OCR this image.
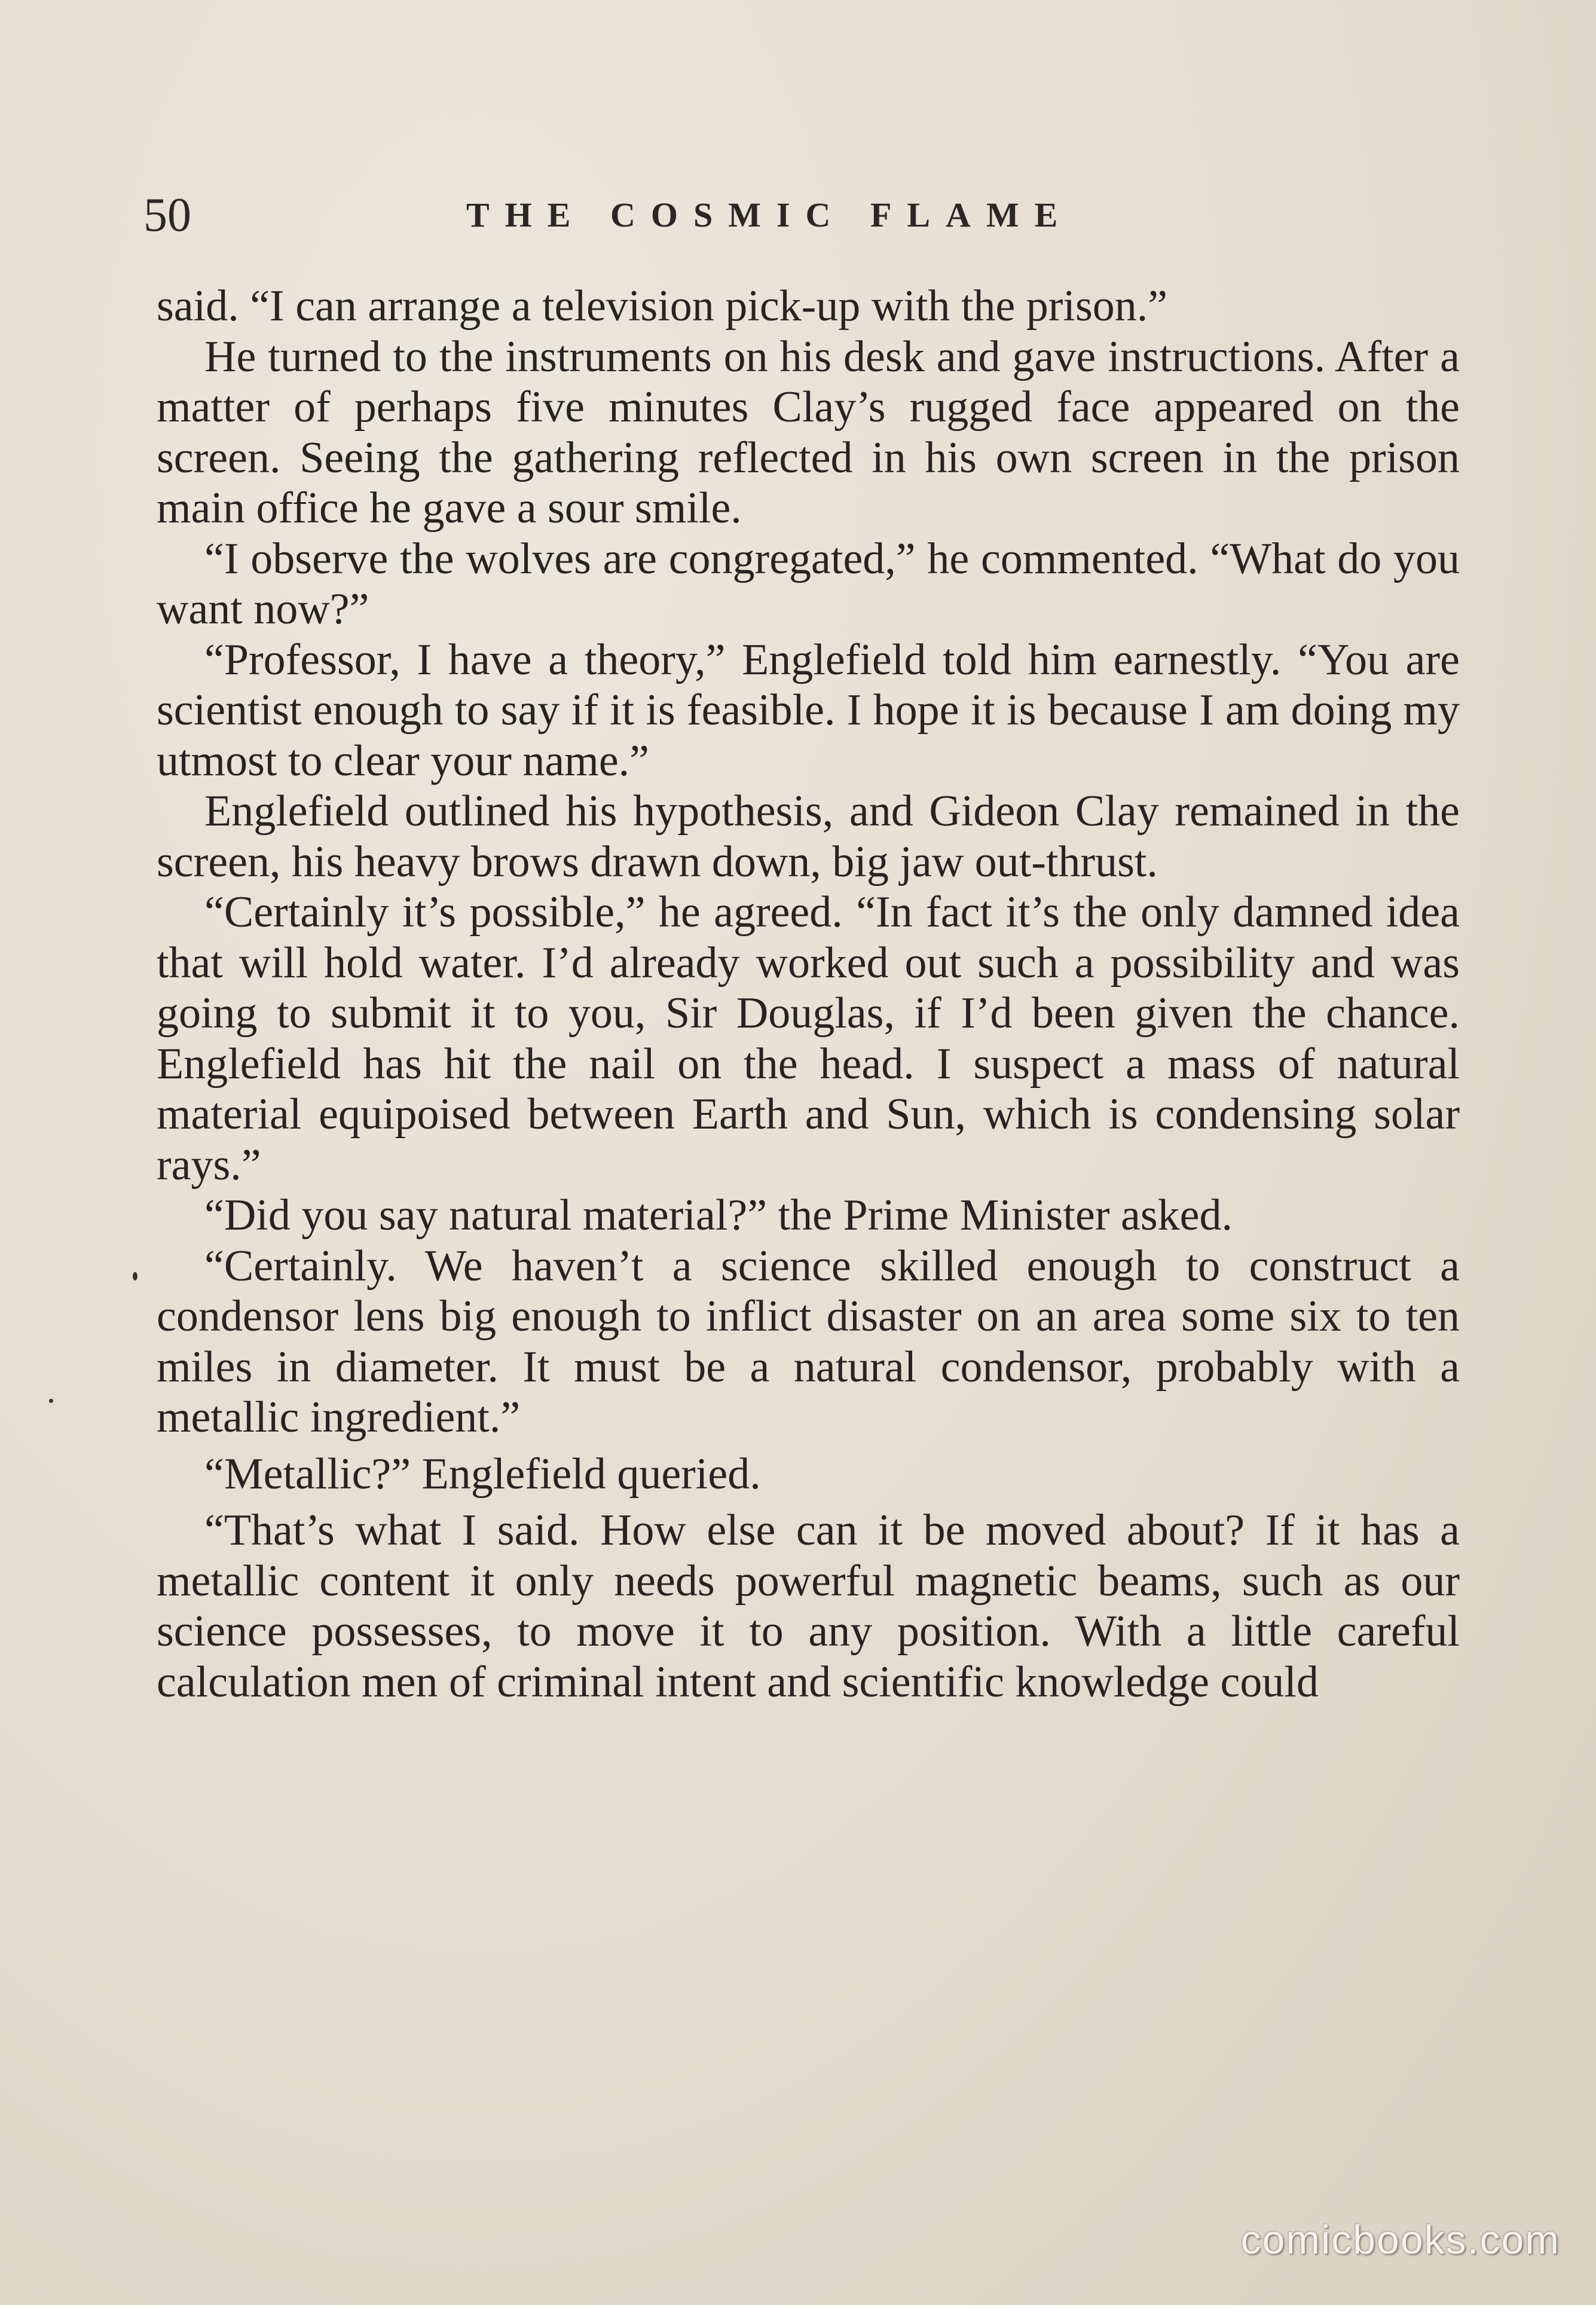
50	THE COSMIC FLAME

said. “I can arrange a television pick-up with the prison.”

He turned to the instruments on his desk and gave instructions. After a matter of perhaps five minutes Clay’s rugged face appeared on the screen. Seeing the gathering reflected in his own screen in the prison main office he gave a sour smile.

“I observe the wolves are congregated,” he commented. “What do you want now?”

“Professor, I have a theory,” Englefield told him earnestly. “You are scientist enough to say if it is feasible. I hope it is because I am doing my utmost to clear your name.”

Englefield outlined his hypothesis, and Gideon Clay remained in the screen, his heavy brows drawn down, big jaw out-thrust.

“Certainly it’s possible,” he agreed. “In fact it’s the only damned idea that will hold water. I’d already worked out such a possibility and was going to submit it to you, Sir Douglas, if I’d been given the chance. Englefield has hit the nail on the head. I suspect a mass of natural material equipoised between Earth and Sun, which is condensing solar rays.”

“Did you say natural material?” the Prime Minister asked.

“Certainly. We haven’t a science skilled enough to construct a condensor lens big enough to inflict disaster on an area some six to ten miles in diameter. It must be a natural condensor, probably with a metallic ingredient.”

“Metallic?” Englefield queried.

“That’s what I said. How else can it be moved about? If it has a metallic content it only needs powerful magnetic beams, such as our science possesses, to move it to any position. With a little careful calculation men of criminal intent and scientific knowledge could

comicbooks.com
